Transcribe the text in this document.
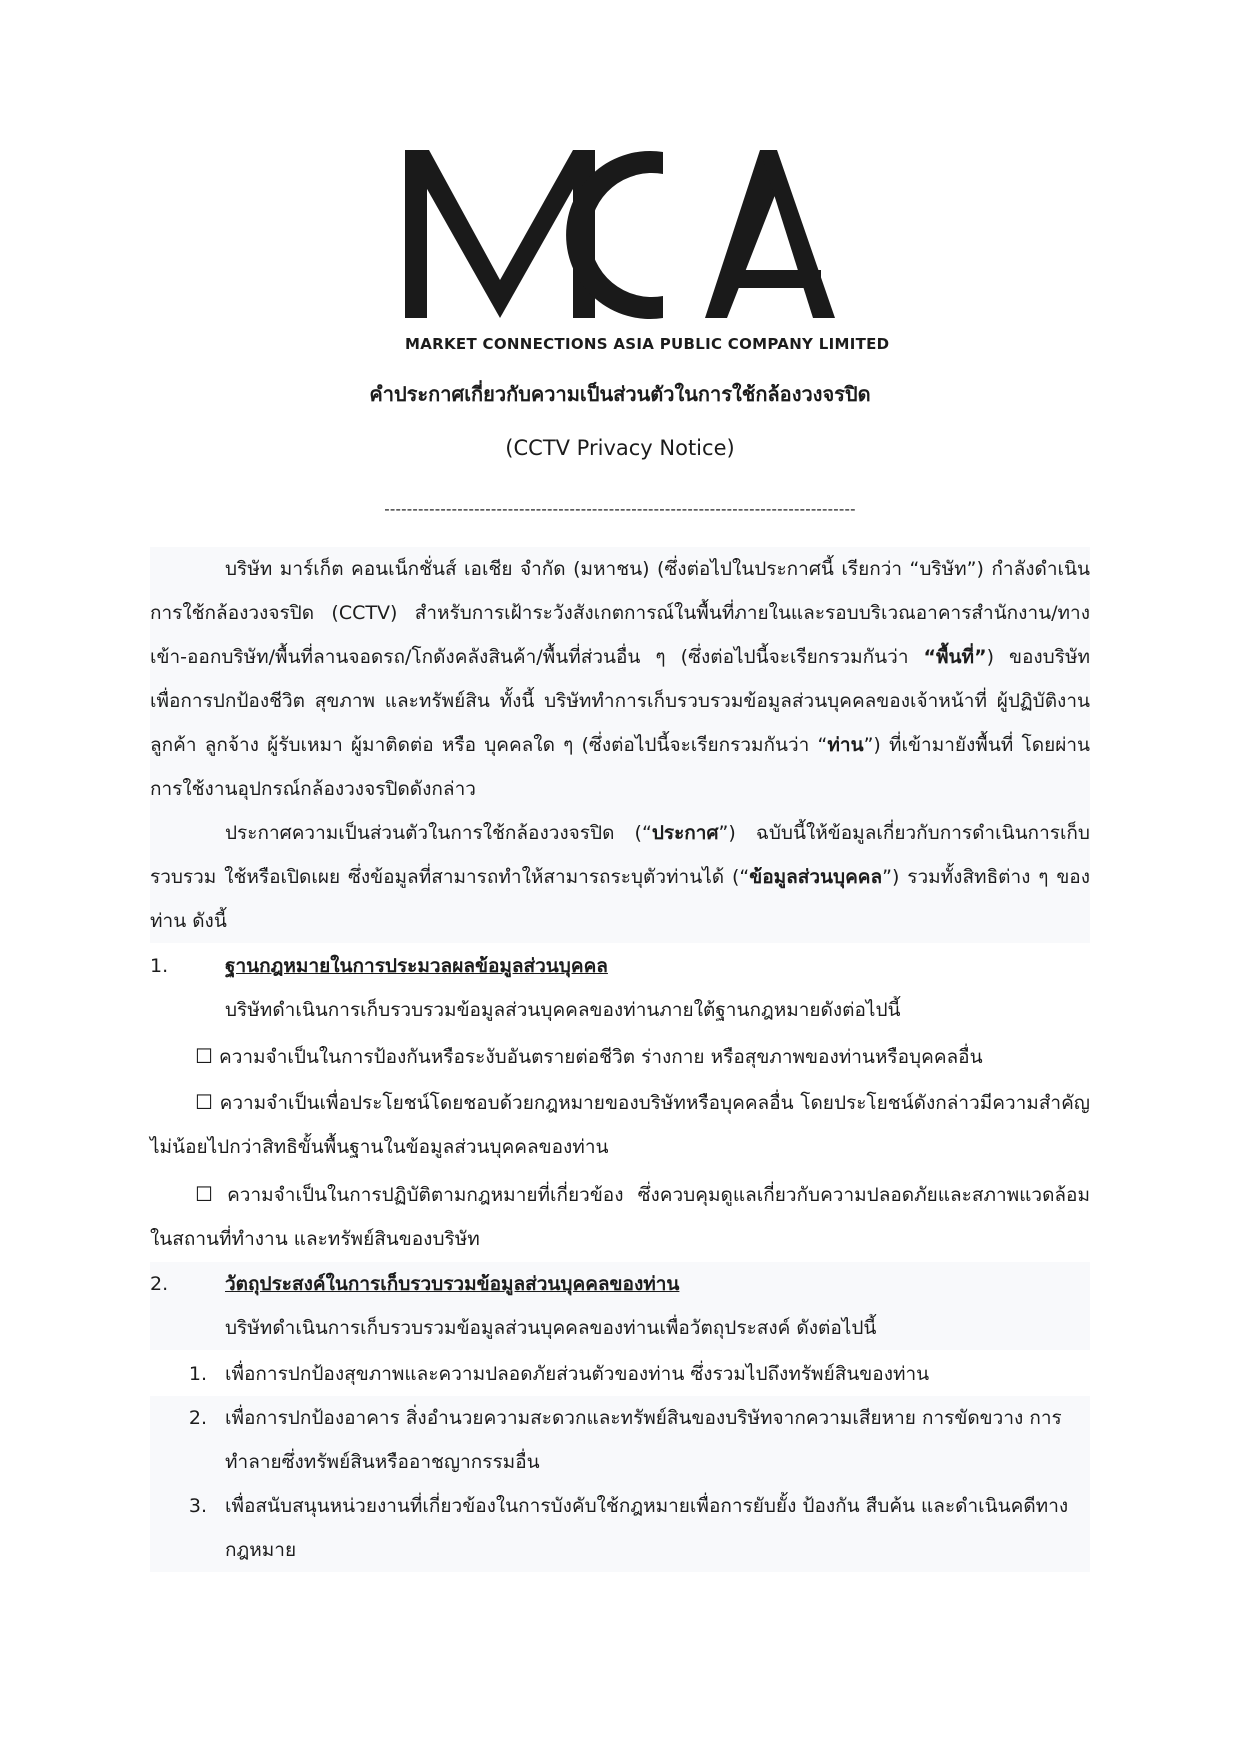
MARKET CONNECTIONS ASIA PUBLIC COMPANY LIMITED
คำประกาศเกี่ยวกับความเป็นส่วนตัวในการใช้กล้องวงจรปิด
(CCTV Privacy Notice)
------------------------------------------------------------------------------------
บริษัท มาร์เก็ต คอนเน็กชั่นส์ เอเชีย จำกัด (มหาชน) (ซึ่งต่อไปในประกาศนี้ เรียกว่า “บริษัท”) กำลังดำเนินการใช้กล้องวงจรปิด (CCTV) สำหรับการเฝ้าระวังสังเกตการณ์ในพื้นที่ภายในและรอบบริเวณอาคารสำนักงาน/ทางเข้า-ออกบริษัท/พื้นที่ลานจอดรถ/โกดังคลังสินค้า/พื้นที่ส่วนอื่น ๆ (ซึ่งต่อไปนี้จะเรียกรวมกันว่า “พื้นที่”) ของบริษัท เพื่อการปกป้องชีวิต สุขภาพ และทรัพย์สิน ทั้งนี้ บริษัททำการเก็บรวบรวมข้อมูลส่วนบุคคลของเจ้าหน้าที่ ผู้ปฏิบัติงาน ลูกค้า ลูกจ้าง ผู้รับเหมา ผู้มาติดต่อ หรือ บุคคลใด ๆ (ซึ่งต่อไปนี้จะเรียกรวมกันว่า “ท่าน”) ที่เข้ามายังพื้นที่ โดยผ่านการใช้งานอุปกรณ์กล้องวงจรปิดดังกล่าว
ประกาศความเป็นส่วนตัวในการใช้กล้องวงจรปิด (“ประกาศ”) ฉบับนี้ให้ข้อมูลเกี่ยวกับการดำเนินการเก็บรวบรวม ใช้หรือเปิดเผย ซึ่งข้อมูลที่สามารถทำให้สามารถระบุตัวท่านได้ (“ข้อมูลส่วนบุคคล”) รวมทั้งสิทธิต่าง ๆ ของท่าน ดังนี้
1.	ฐานกฎหมายในการประมวลผลข้อมูลส่วนบุคคล
บริษัทดำเนินการเก็บรวบรวมข้อมูลส่วนบุคคลของท่านภายใต้ฐานกฎหมายดังต่อไปนี้
☐ ความจำเป็นในการป้องกันหรือระงับอันตรายต่อชีวิต ร่างกาย หรือสุขภาพของท่านหรือบุคคลอื่น
☐ ความจำเป็นเพื่อประโยชน์โดยชอบด้วยกฎหมายของบริษัทหรือบุคคลอื่น โดยประโยชน์ดังกล่าวมีความสำคัญไม่น้อยไปกว่าสิทธิขั้นพื้นฐานในข้อมูลส่วนบุคคลของท่าน
☐ ความจำเป็นในการปฏิบัติตามกฎหมายที่เกี่ยวข้อง ซึ่งควบคุมดูแลเกี่ยวกับความปลอดภัยและสภาพแวดล้อมในสถานที่ทำงาน และทรัพย์สินของบริษัท
2.	วัตถุประสงค์ในการเก็บรวบรวมข้อมูลส่วนบุคคลของท่าน
บริษัทดำเนินการเก็บรวบรวมข้อมูลส่วนบุคคลของท่านเพื่อวัตถุประสงค์ ดังต่อไปนี้
1. เพื่อการปกป้องสุขภาพและความปลอดภัยส่วนตัวของท่าน ซึ่งรวมไปถึงทรัพย์สินของท่าน
2. เพื่อการปกป้องอาคาร สิ่งอำนวยความสะดวกและทรัพย์สินของบริษัทจากความเสียหาย การขัดขวาง การทำลายซึ่งทรัพย์สินหรืออาชญากรรมอื่น
3. เพื่อสนับสนุนหน่วยงานที่เกี่ยวข้องในการบังคับใช้กฎหมายเพื่อการยับยั้ง ป้องกัน สืบค้น และดำเนินคดีทางกฎหมาย
